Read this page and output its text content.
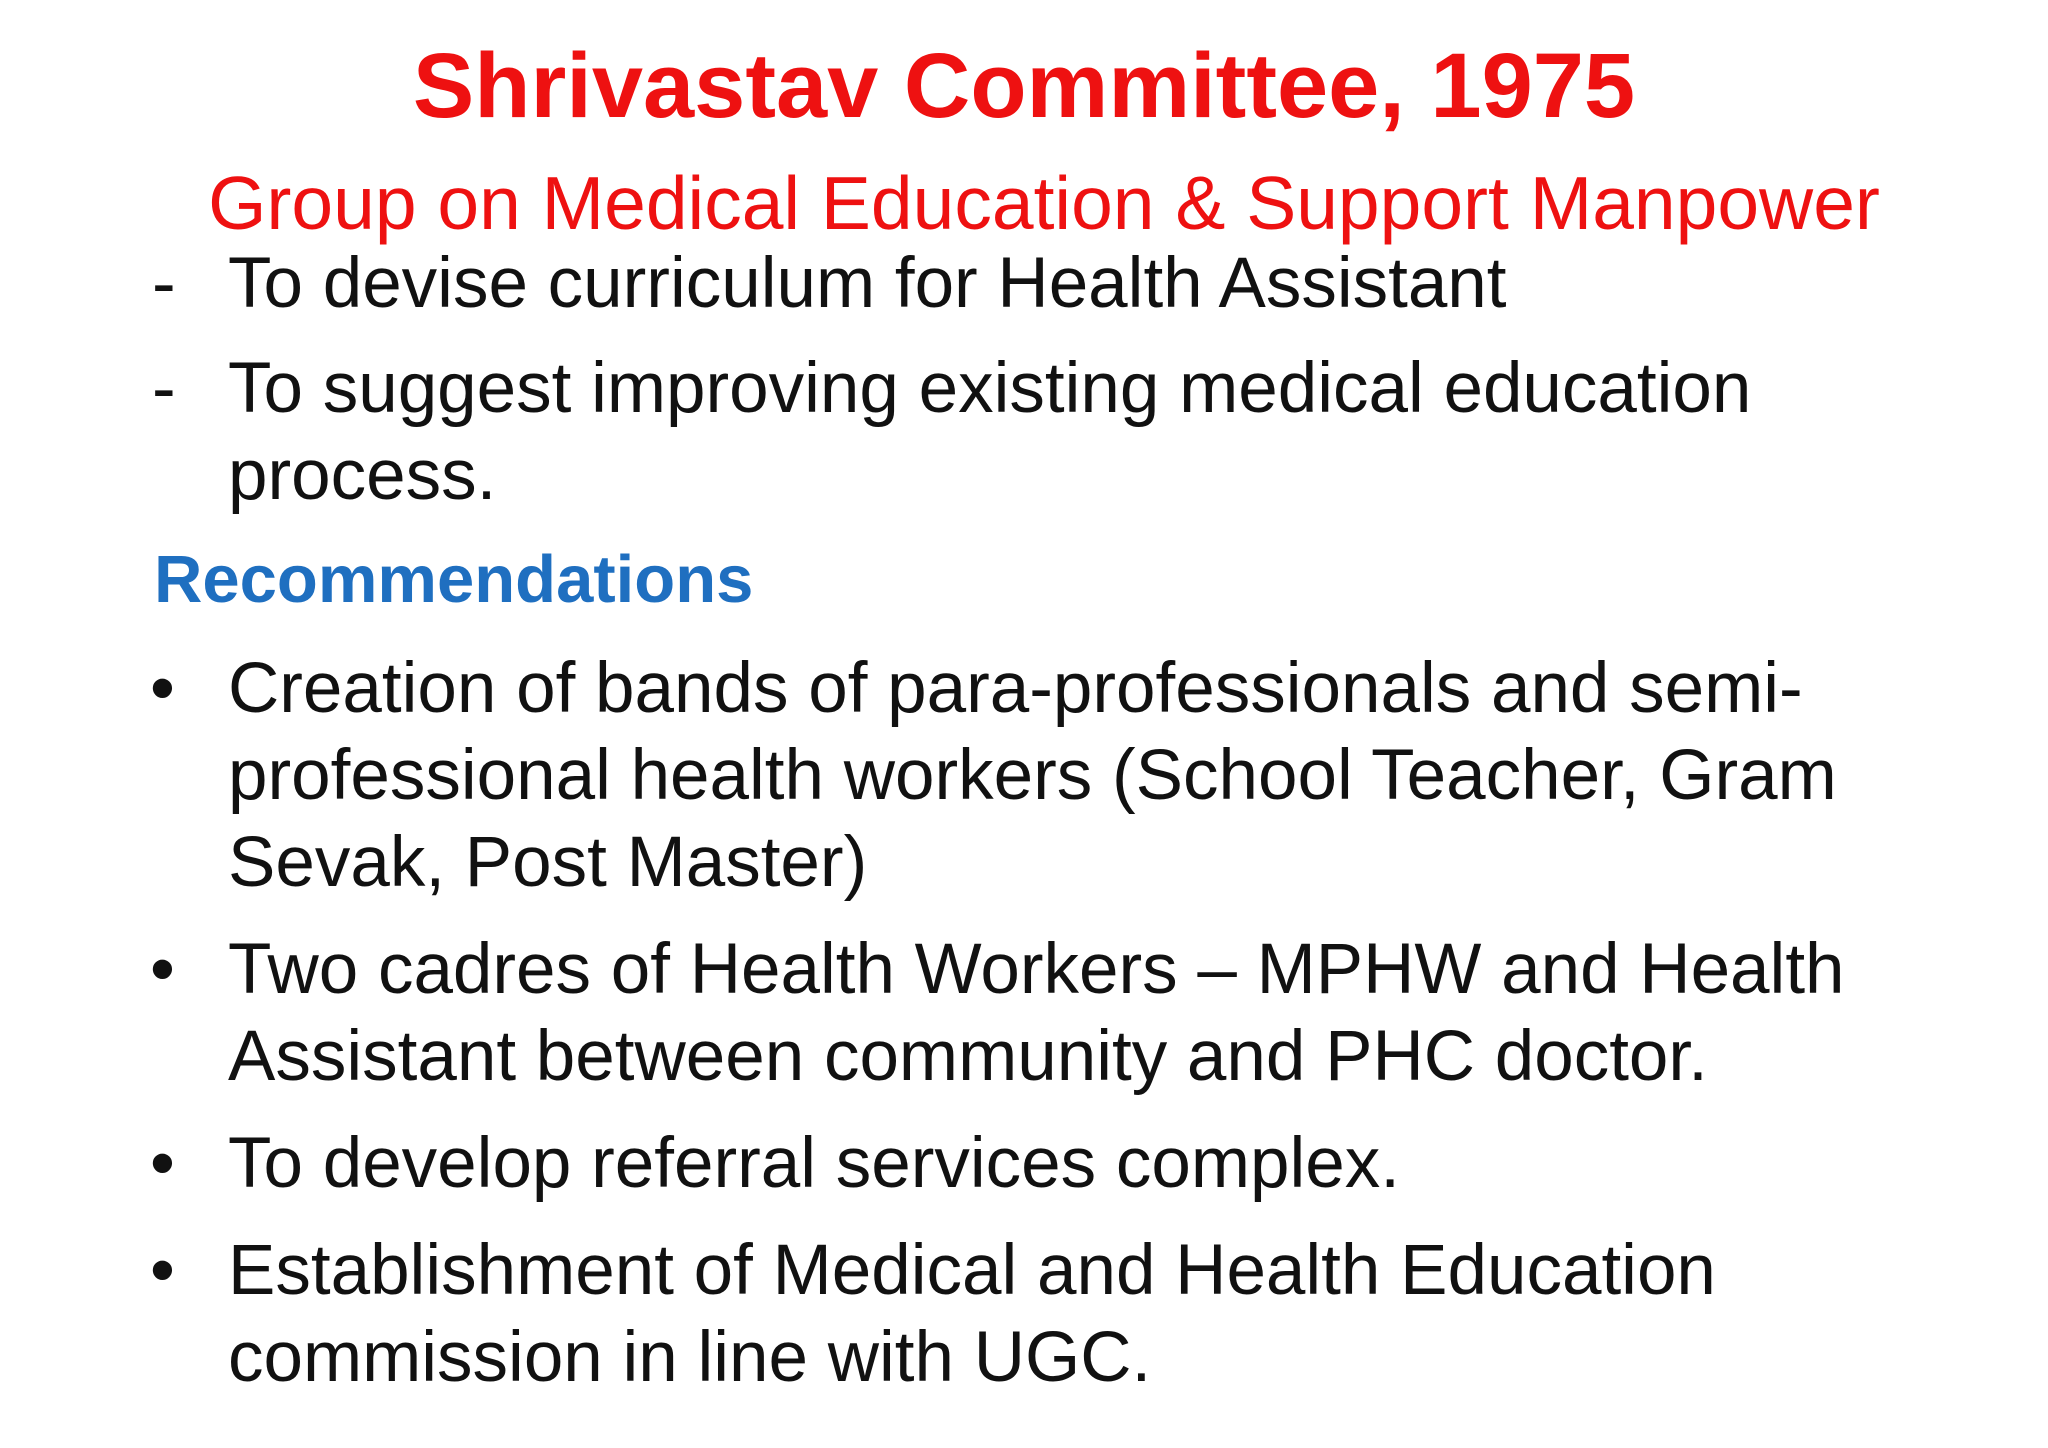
Shrivastav Committee, 1975
Group on Medical Education & Support Manpower
- To devise curriculum for Health Assistant
- To suggest improving existing medical education process.
Recommendations
• Creation of bands of para-professionals and semi-professional health workers (School Teacher, Gram Sevak, Post Master)
• Two cadres of Health Workers – MPHW and Health Assistant between community and PHC doctor.
• To develop referral services complex.
• Establishment of Medical and Health Education commission in line with UGC.
